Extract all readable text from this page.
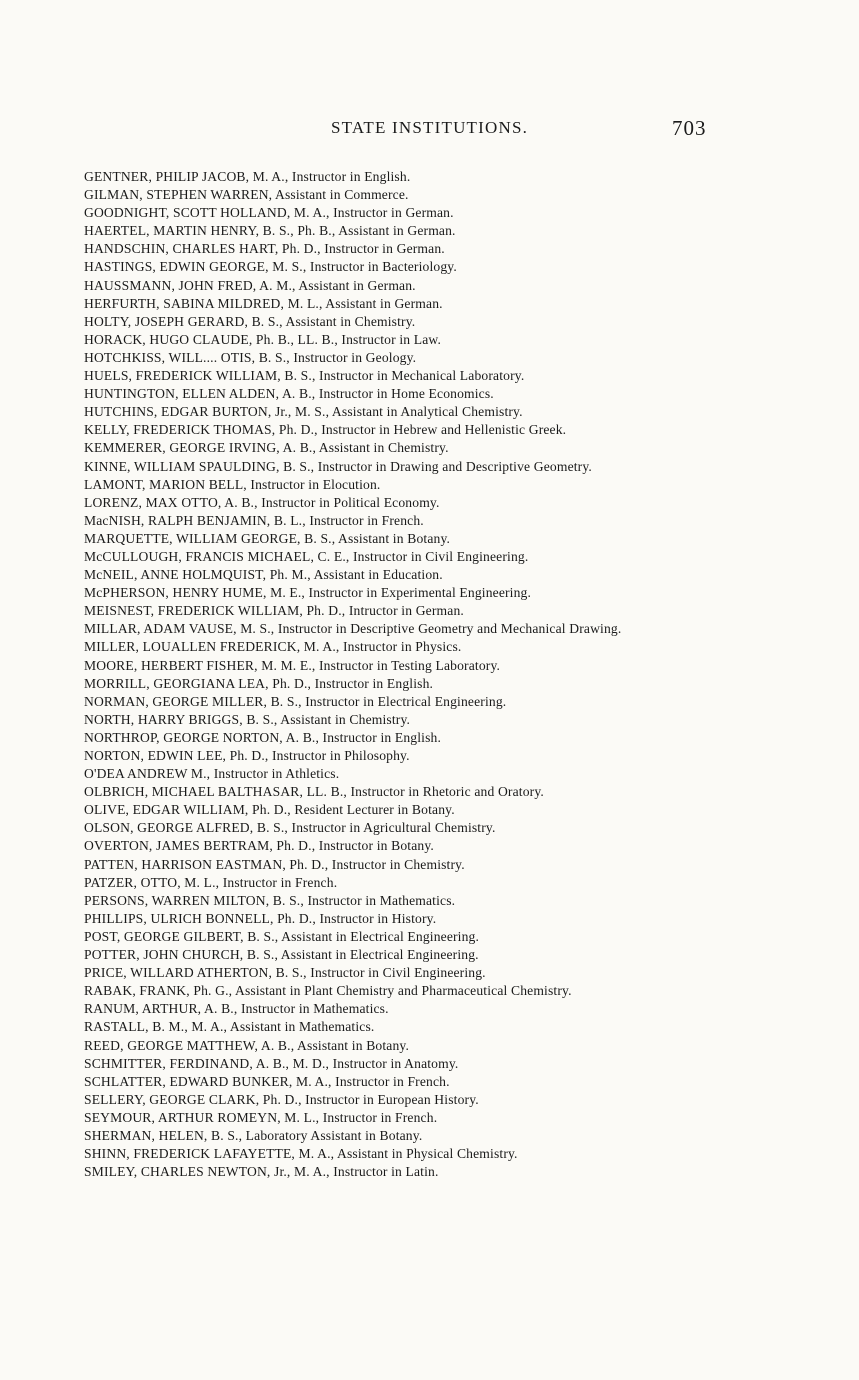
STATE INSTITUTIONS.	703
GENTNER, PHILIP JACOB, M. A., Instructor in English.
GILMAN, STEPHEN WARREN, Assistant in Commerce.
GOODNIGHT, SCOTT HOLLAND, M. A., Instructor in German.
HAERTEL, MARTIN HENRY, B. S., Ph. B., Assistant in German.
HANDSCHIN, CHARLES HART, Ph. D., Instructor in German.
HASTINGS, EDWIN GEORGE, M. S., Instructor in Bacteriology.
HAUSSMANN, JOHN FRED, A. M., Assistant in German.
HERFURTH, SABINA MILDRED, M. L., Assistant in German.
HOLTY, JOSEPH GERARD, B. S., Assistant in Chemistry.
HORACK, HUGO CLAUDE, Ph. B., LL. B., Instructor in Law.
HOTCHKISS, WILL.... OTIS, B. S., Instructor in Geology.
HUELS, FREDERICK WILLIAM, B. S., Instructor in Mechanical Laboratory.
HUNTINGTON, ELLEN ALDEN, A. B., Instructor in Home Economics.
HUTCHINS, EDGAR BURTON, Jr., M. S., Assistant in Analytical Chemistry.
KELLY, FREDERICK THOMAS, Ph. D., Instructor in Hebrew and Hellenistic Greek.
KEMMERER, GEORGE IRVING, A. B., Assistant in Chemistry.
KINNE, WILLIAM SPAULDING, B. S., Instructor in Drawing and Descriptive Geometry.
LAMONT, MARION BELL, Instructor in Elocution.
LORENZ, MAX OTTO, A. B., Instructor in Political Economy.
MacNISH, RALPH BENJAMIN, B. L., Instructor in French.
MARQUETTE, WILLIAM GEORGE, B. S., Assistant in Botany.
McCULLOUGH, FRANCIS MICHAEL, C. E., Instructor in Civil Engineering.
McNEIL, ANNE HOLMQUIST, Ph. M., Assistant in Education.
McPHERSON, HENRY HUME, M. E., Instructor in Experimental Engineering.
MEISNEST, FREDERICK WILLIAM, Ph. D., Intructor in German.
MILLAR, ADAM VAUSE, M. S., Instructor in Descriptive Geometry and Mechanical Drawing.
MILLER, LOUALLEN FREDERICK, M. A., Instructor in Physics.
MOORE, HERBERT FISHER, M. M. E., Instructor in Testing Laboratory.
MORRILL, GEORGIANA LEA, Ph. D., Instructor in English.
NORMAN, GEORGE MILLER, B. S., Instructor in Electrical Engineering.
NORTH, HARRY BRIGGS, B. S., Assistant in Chemistry.
NORTHROP, GEORGE NORTON, A. B., Instructor in English.
NORTON, EDWIN LEE, Ph. D., Instructor in Philosophy.
O'DEA ANDREW M., Instructor in Athletics.
OLBRICH, MICHAEL BALTHASAR, LL. B., Instructor in Rhetoric and Oratory.
OLIVE, EDGAR WILLIAM, Ph. D., Resident Lecturer in Botany.
OLSON, GEORGE ALFRED, B. S., Instructor in Agricultural Chemistry.
OVERTON, JAMES BERTRAM, Ph. D., Instructor in Botany.
PATTEN, HARRISON EASTMAN, Ph. D., Instructor in Chemistry.
PATZER, OTTO, M. L., Instructor in French.
PERSONS, WARREN MILTON, B. S., Instructor in Mathematics.
PHILLIPS, ULRICH BONNELL, Ph. D., Instructor in History.
POST, GEORGE GILBERT, B. S., Assistant in Electrical Engineering.
POTTER, JOHN CHURCH, B. S., Assistant in Electrical Engineering.
PRICE, WILLARD ATHERTON, B. S., Instructor in Civil Engineering.
RABAK, FRANK, Ph. G., Assistant in Plant Chemistry and Pharmaceutical Chemistry.
RANUM, ARTHUR, A. B., Instructor in Mathematics.
RASTALL, B. M., M. A., Assistant in Mathematics.
REED, GEORGE MATTHEW, A. B., Assistant in Botany.
SCHMITTER, FERDINAND, A. B., M. D., Instructor in Anatomy.
SCHLATTER, EDWARD BUNKER, M. A., Instructor in French.
SELLERY, GEORGE CLARK, Ph. D., Instructor in European History.
SEYMOUR, ARTHUR ROMEYN, M. L., Instructor in French.
SHERMAN, HELEN, B. S., Laboratory Assistant in Botany.
SHINN, FREDERICK LAFAYETTE, M. A., Assistant in Physical Chemistry.
SMILEY, CHARLES NEWTON, Jr., M. A., Instructor in Latin.
